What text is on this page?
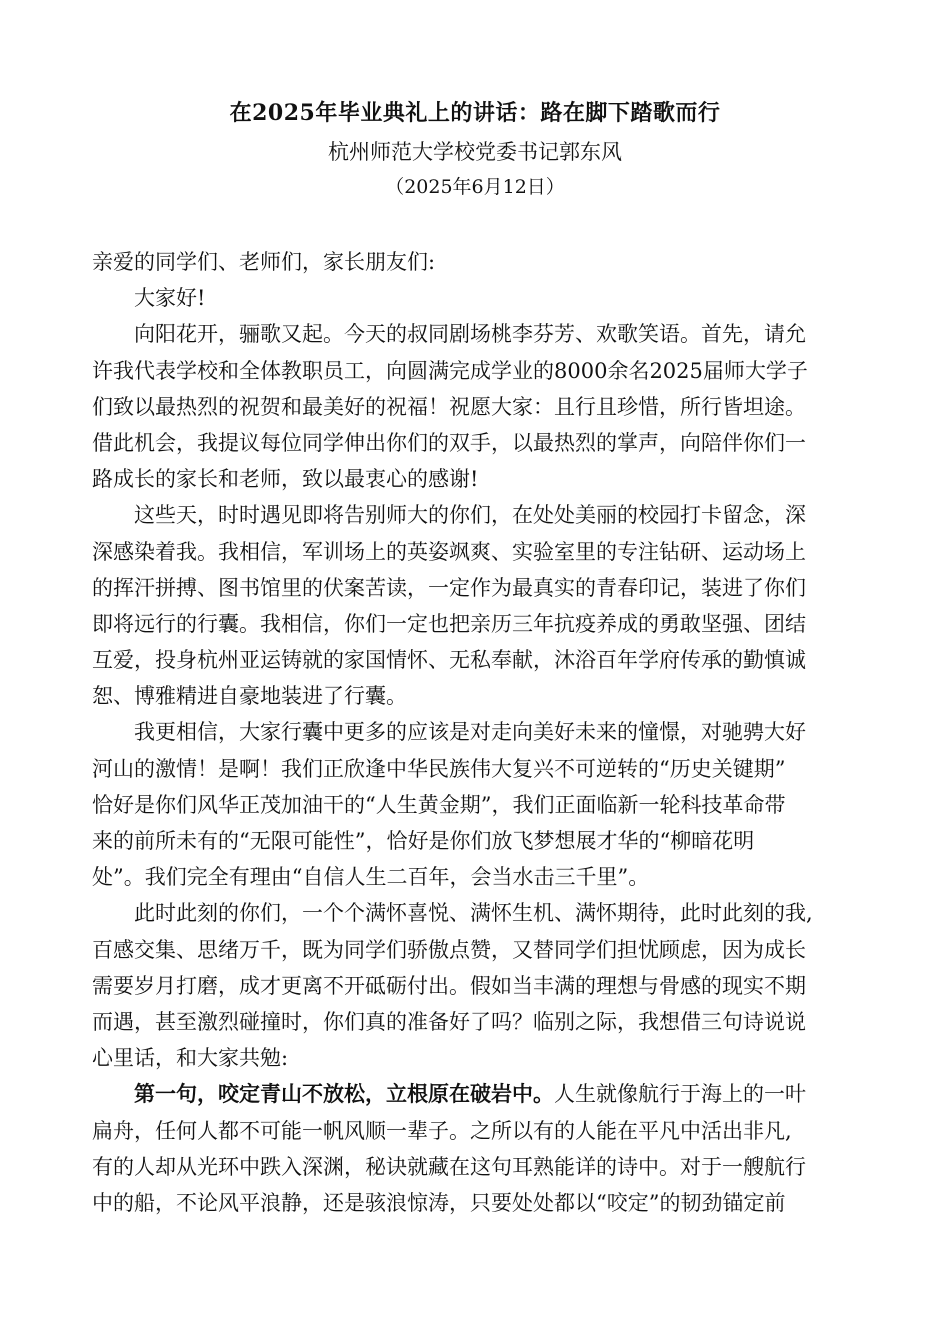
在2025年毕业典礼上的讲话：路在脚下踏歌而行
杭州师范大学校党委书记郭东风
（2025年6月12日）
亲爱的同学们、老师们，家长朋友们:
大家好!
向阳花开，骊歌又起。今天的叔同剧场桃李芬芳、欢歌笑语。首先，请允
许我代表学校和全体教职员工，向圆满完成学业的8000余名2025届师大学子
们致以最热烈的祝贺和最美好的祝福！祝愿大家：且行且珍惜，所行皆坦途。
借此机会，我提议每位同学伸出你们的双手，以最热烈的掌声，向陪伴你们一
路成长的家长和老师，致以最衷心的感谢!
这些天，时时遇见即将告别师大的你们，在处处美丽的校园打卡留念，深
深感染着我。我相信，军训场上的英姿飒爽、实验室里的专注钻研、运动场上
的挥汗拼搏、图书馆里的伏案苦读，一定作为最真实的青春印记，装进了你们
即将远行的行囊。我相信，你们一定也把亲历三年抗疫养成的勇敢坚强、团结
互爱，投身杭州亚运铸就的家国情怀、无私奉献，沐浴百年学府传承的勤慎诚
恕、博雅精进自豪地装进了行囊。
我更相信，大家行囊中更多的应该是对走向美好未来的憧憬，对驰骋大好
河山的激情！是啊！我们正欣逢中华民族伟大复兴不可逆转的“历史关键期”
恰好是你们风华正茂加油干的“人生黄金期”，我们正面临新一轮科技革命带
来的前所未有的“无限可能性”，恰好是你们放飞梦想展才华的“柳暗花明
处”。我们完全有理由“自信人生二百年，会当水击三千里”。
此时此刻的你们，一个个满怀喜悦、满怀生机、满怀期待，此时此刻的我,
百感交集、思绪万千，既为同学们骄傲点赞，又替同学们担忧顾虑，因为成长
需要岁月打磨，成才更离不开砥砺付出。假如当丰满的理想与骨感的现实不期
而遇，甚至激烈碰撞时，你们真的准备好了吗？临别之际，我想借三句诗说说
心里话，和大家共勉:
第一句，咬定青山不放松，立根原在破岩中。人生就像航行于海上的一叶
扁舟，任何人都不可能一帆风顺一辈子。之所以有的人能在平凡中活出非凡,
有的人却从光环中跌入深渊，秘诀就藏在这句耳熟能详的诗中。对于一艘航行
中的船，不论风平浪静，还是骇浪惊涛，只要处处都以“咬定”的韧劲锚定前
